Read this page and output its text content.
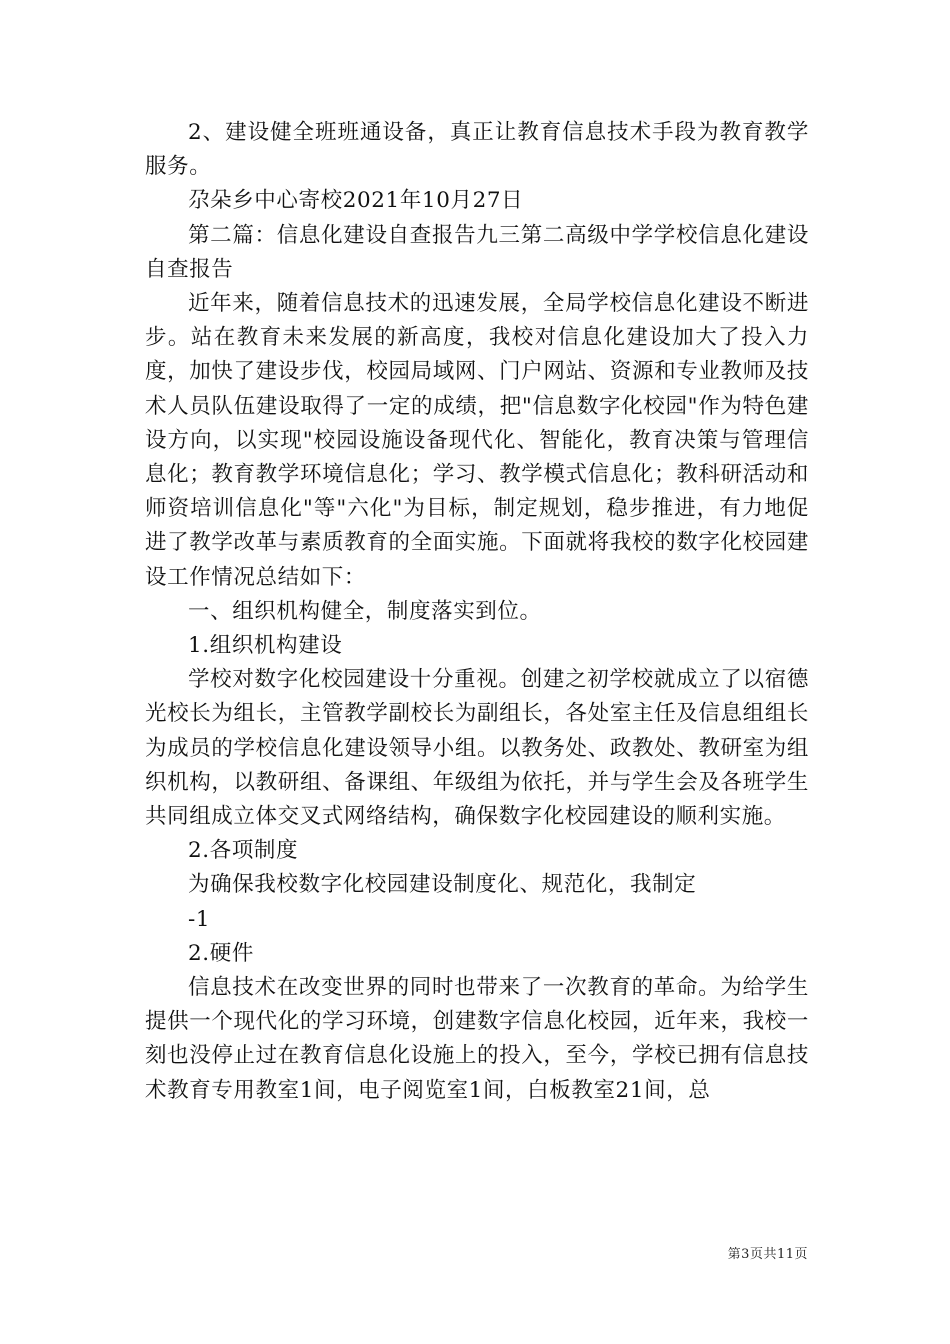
2、建设健全班班通设备，真正让教育信息技术手段为教育教学服务。

尕朵乡中心寄校2021年10月27日

第二篇：信息化建设自查报告九三第二高级中学学校信息化建设自查报告

近年来，随着信息技术的迅速发展，全局学校信息化建设不断进步。站在教育未来发展的新高度，我校对信息化建设加大了投入力度，加快了建设步伐，校园局域网、门户网站、资源和专业教师及技术人员队伍建设取得了一定的成绩，把"信息数字化校园"作为特色建设方向，以实现"校园设施设备现代化、智能化，教育决策与管理信息化；教育教学环境信息化；学习、教学模式信息化；教科研活动和师资培训信息化"等"六化"为目标，制定规划，稳步推进，有力地促进了教学改革与素质教育的全面实施。下面就将我校的数字化校园建设工作情况总结如下：

一、组织机构健全，制度落实到位。

1.组织机构建设

学校对数字化校园建设十分重视。创建之初学校就成立了以宿德光校长为组长，主管教学副校长为副组长，各处室主任及信息组组长为成员的学校信息化建设领导小组。以教务处、政教处、教研室为组织机构，以教研组、备课组、年级组为依托，并与学生会及各班学生共同组成立体交叉式网络结构，确保数字化校园建设的顺利实施。

2.各项制度

为确保我校数字化校园建设制度化、规范化，我制定

-1

2.硬件

信息技术在改变世界的同时也带来了一次教育的革命。为给学生提供一个现代化的学习环境，创建数字信息化校园，近年来，我校一刻也没停止过在教育信息化设施上的投入，至今，学校已拥有信息技术教育专用教室1间，电子阅览室1间，白板教室21间，总

第3页共11页
